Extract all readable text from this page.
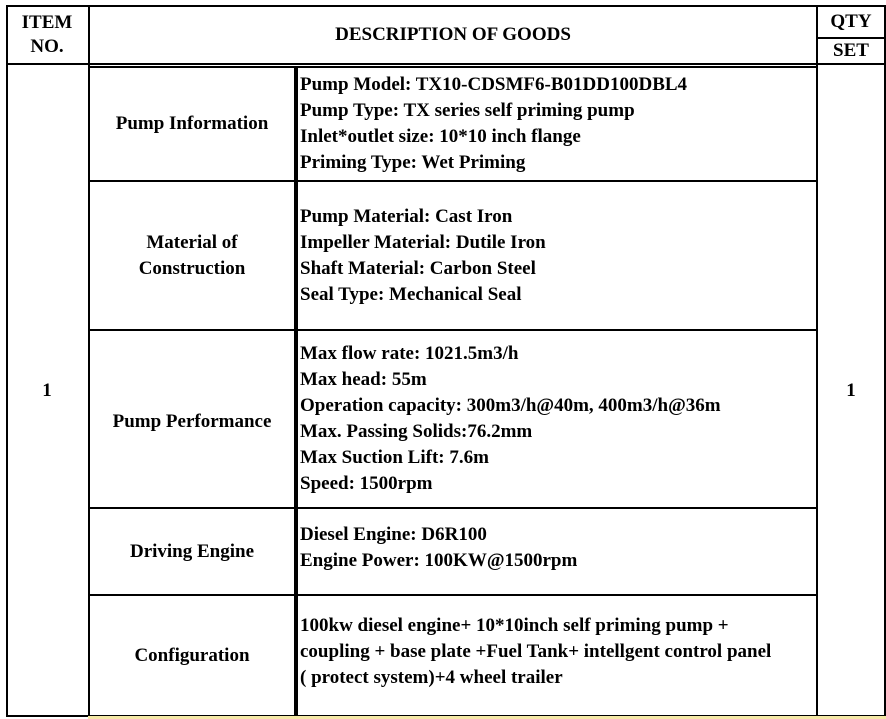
ITEM
NO.
DESCRIPTION OF GOODS
QTY
SET
1	1
Pump Information
Pump Model: TX10-CDSMF6-B01DD100DBL4
Pump Type: TX series self priming pump
Inlet*outlet size: 10*10 inch flange
Priming Type: Wet Priming
Material of
Construction
Pump Material: Cast Iron
Impeller Material: Dutile Iron
Shaft Material: Carbon Steel
Seal Type: Mechanical Seal
Pump Performance
Max flow rate: 1021.5m3/h
Max head: 55m
Operation capacity: 300m3/h@40m, 400m3/h@36m
Max. Passing Solids:76.2mm
Max Suction Lift: 7.6m
Speed: 1500rpm
Driving Engine
Diesel Engine: D6R100
Engine Power: 100KW@1500rpm
Configuration
100kw diesel engine+ 10*10inch self priming pump +
coupling + base plate +Fuel Tank+ intellgent control panel
( protect system)+4 wheel trailer
